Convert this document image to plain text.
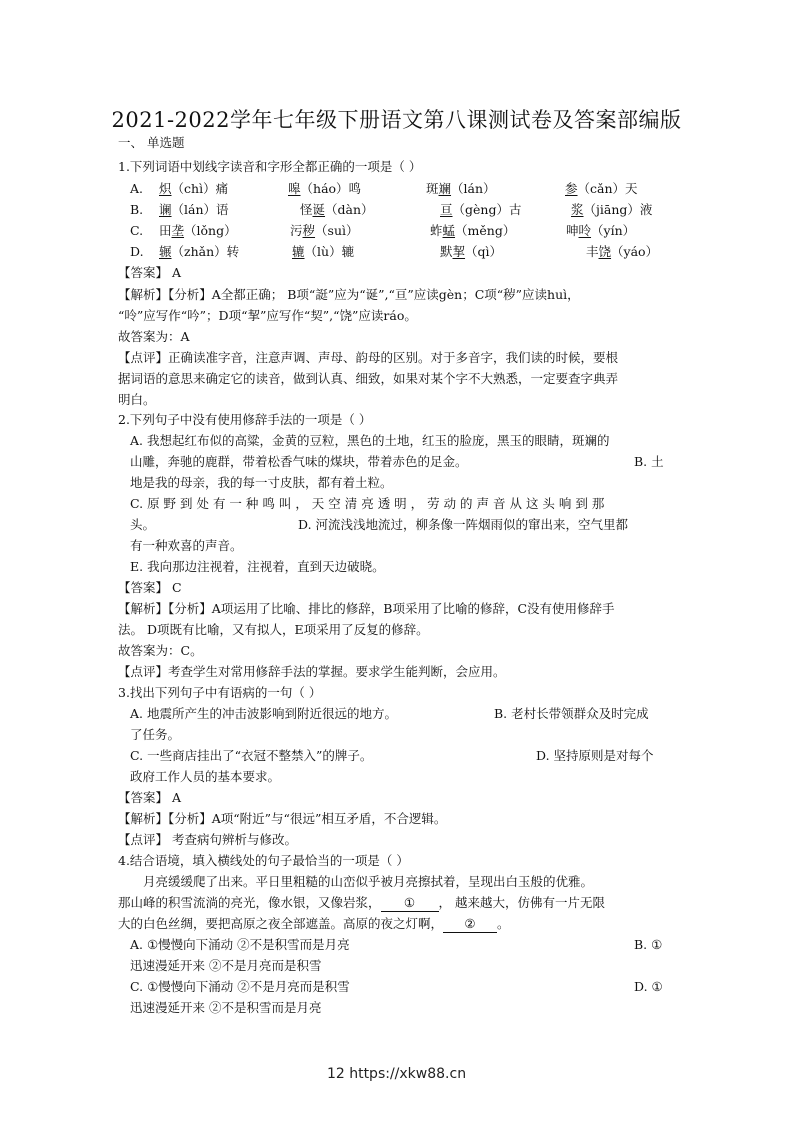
2021-2022学年七年级下册语文第八课测试卷及答案部编版
一、 单选题
1.下列词语中划线字读音和字形全都正确的一项是（ ）
A. 炽（chì）痛	嗥（háo）鸣	斑斓（lán）	参（cǎn）天
B. 谰（lán）语	怪诞（dàn）	亘（gèng）古	浆（jiāng）液
C. 田垄（lǒng）	污秽（suì）	蚱蜢（měng）	呻呤（yín）
D. 辗（zhǎn）转	辘（lù）辘	默挈（qì）	丰饶（yáo）
【答案】 A
【解析】【分析】A全都正确； B项“誔”应为“诞”,“亘”应读gèn；C项“秽”应读huì，
“呤”应写作“吟”；D项“挈”应写作“契”,“饶”应读ráo。
故答案为：A
【点评】正确读准字音，注意声调、声母、韵母的区别。对于多音字，我们读的时候，要根
据词语的意思来确定它的读音，做到认真、细致，如果对某个字不大熟悉，一定要查字典弄
明白。
2.下列句子中没有使用修辞手法的一项是（ ）
A. 我想起红布似的高粱，金黄的豆粒，黑色的土地，红玉的脸庞，黑玉的眼睛，斑斓的
山雕，奔驰的鹿群，带着松香气味的煤块，带着赤色的足金。	B. 土
地是我的母亲，我的每一寸皮肤，都有着土粒。
C. 原 野 到 处 有 一 种 鸣 叫 ， 天 空 清 亮 透 明 ， 劳 动 的 声 音 从 这 头 响 到 那
头。	D. 河流浅浅地流过，柳条像一阵烟雨似的窜出来，空气里都
有一种欢喜的声音。
E. 我向那边注视着，注视着，直到天边破晓。
【答案】 C
【解析】【分析】A项运用了比喻、排比的修辞，B项采用了比喻的修辞，C没有使用修辞手
法。 D项既有比喻，又有拟人，E项采用了反复的修辞。
故答案为：C。
【点评】考查学生对常用修辞手法的掌握。要求学生能判断，会应用。
3.找出下列句子中有语病的一句（ ）
A. 地震所产生的冲击波影响到附近很远的地方。	B. 老村长带领群众及时完成
了任务。
C. 一些商店挂出了“衣冠不整禁入”的牌子。	D. 坚持原则是对每个
政府工作人员的基本要求。
【答案】 A
【解析】【分析】A项“附近”与“很远”相互矛盾，不合逻辑。
【点评】 考查病句辨析与修改。
4.结合语境，填入横线处的句子最恰当的一项是（ ）
月亮缓缓爬了出来。平日里粗糙的山峦似乎被月亮擦拭着，呈现出白玉般的优雅。
那山峰的积雪流淌的亮光，像水银，又像岩浆， ① ， 越来越大，仿佛有一片无限
大的白色丝绸，要把高原之夜全部遮盖。高原的夜之灯啊， ② 。
A. ①慢慢向下涌动 ②不是积雪而是月亮	B. ①
迅速漫延开来 ②不是月亮而是积雪
C. ①慢慢向下涌动 ②不是月亮而是积雪	D. ①
迅速漫延开来 ②不是积雪而是月亮
12 https://xkw88.cn
